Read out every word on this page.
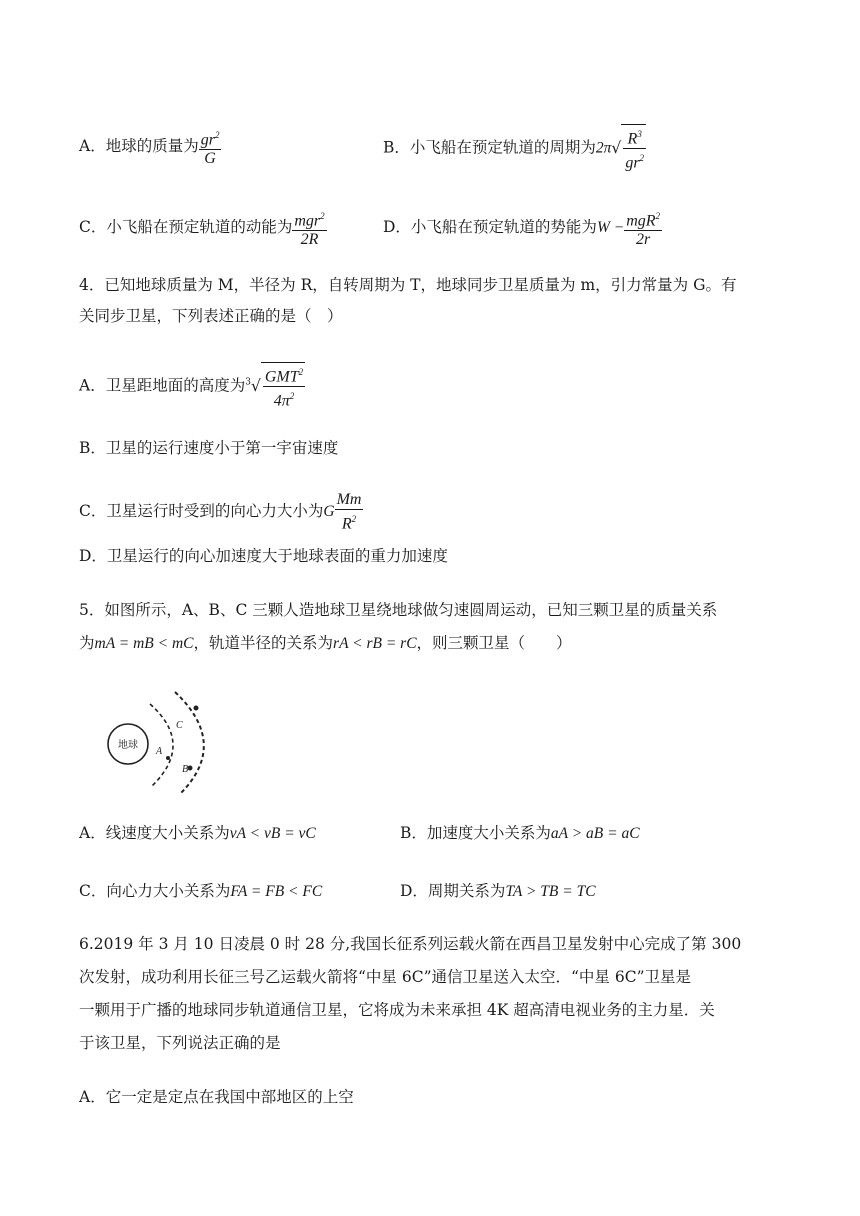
A．地球的质量为 $\frac{gr^2}{G}$	B．小飞船在预定轨道的周期为$2\pi√ \frac{R^3}{gr^2}$
C．小飞船在预定轨道的动能为 $\frac{mgr^2}{2R}$	D．小飞船在预定轨道的势能为$W - \frac{mgR^2}{2r}$
4．已知地球质量为 M，半径为 R，自转周期为 T，地球同步卫星质量为 m，引力常量为 G。有
关同步卫星，下列表述正确的是（　）
A．卫星距地面的高度为$^3√ \frac{GMT^2}{4\pi^2}$
B．卫星的运行速度小于第一宇宙速度
C．卫星运行时受到的向心力大小为G $\frac{Mm}{R^2}$
D．卫星运行的向心加速度大于地球表面的重力加速度
5．如图所示，A、B、C 三颗人造地球卫星绕地球做匀速圆周运动，已知三颗卫星的质量关系
为mA = mB < mC，轨道半径的关系为rA < rB = rC，则三颗卫星（　　）
地球
A
B
C
A．线速度大小关系为vA < vB = vC	B．加速度大小关系为aA > aB = aC
C．向心力大小关系为FA = FB < FC	D．周期关系为TA > TB = TC
6.2019 年 3 月 10 日凌晨 0 时 28 分,我国长征系列运载火箭在西昌卫星发射中心完成了第 300
次发射，成功利用长征三号乙运载火箭将“中星 6C”通信卫星送入太空．“中星 6C”卫星是
一颗用于广播的地球同步轨道通信卫星，它将成为未来承担 4K 超高清电视业务的主力星．关
于该卫星，下列说法正确的是
A．它一定是定点在我国中部地区的上空
